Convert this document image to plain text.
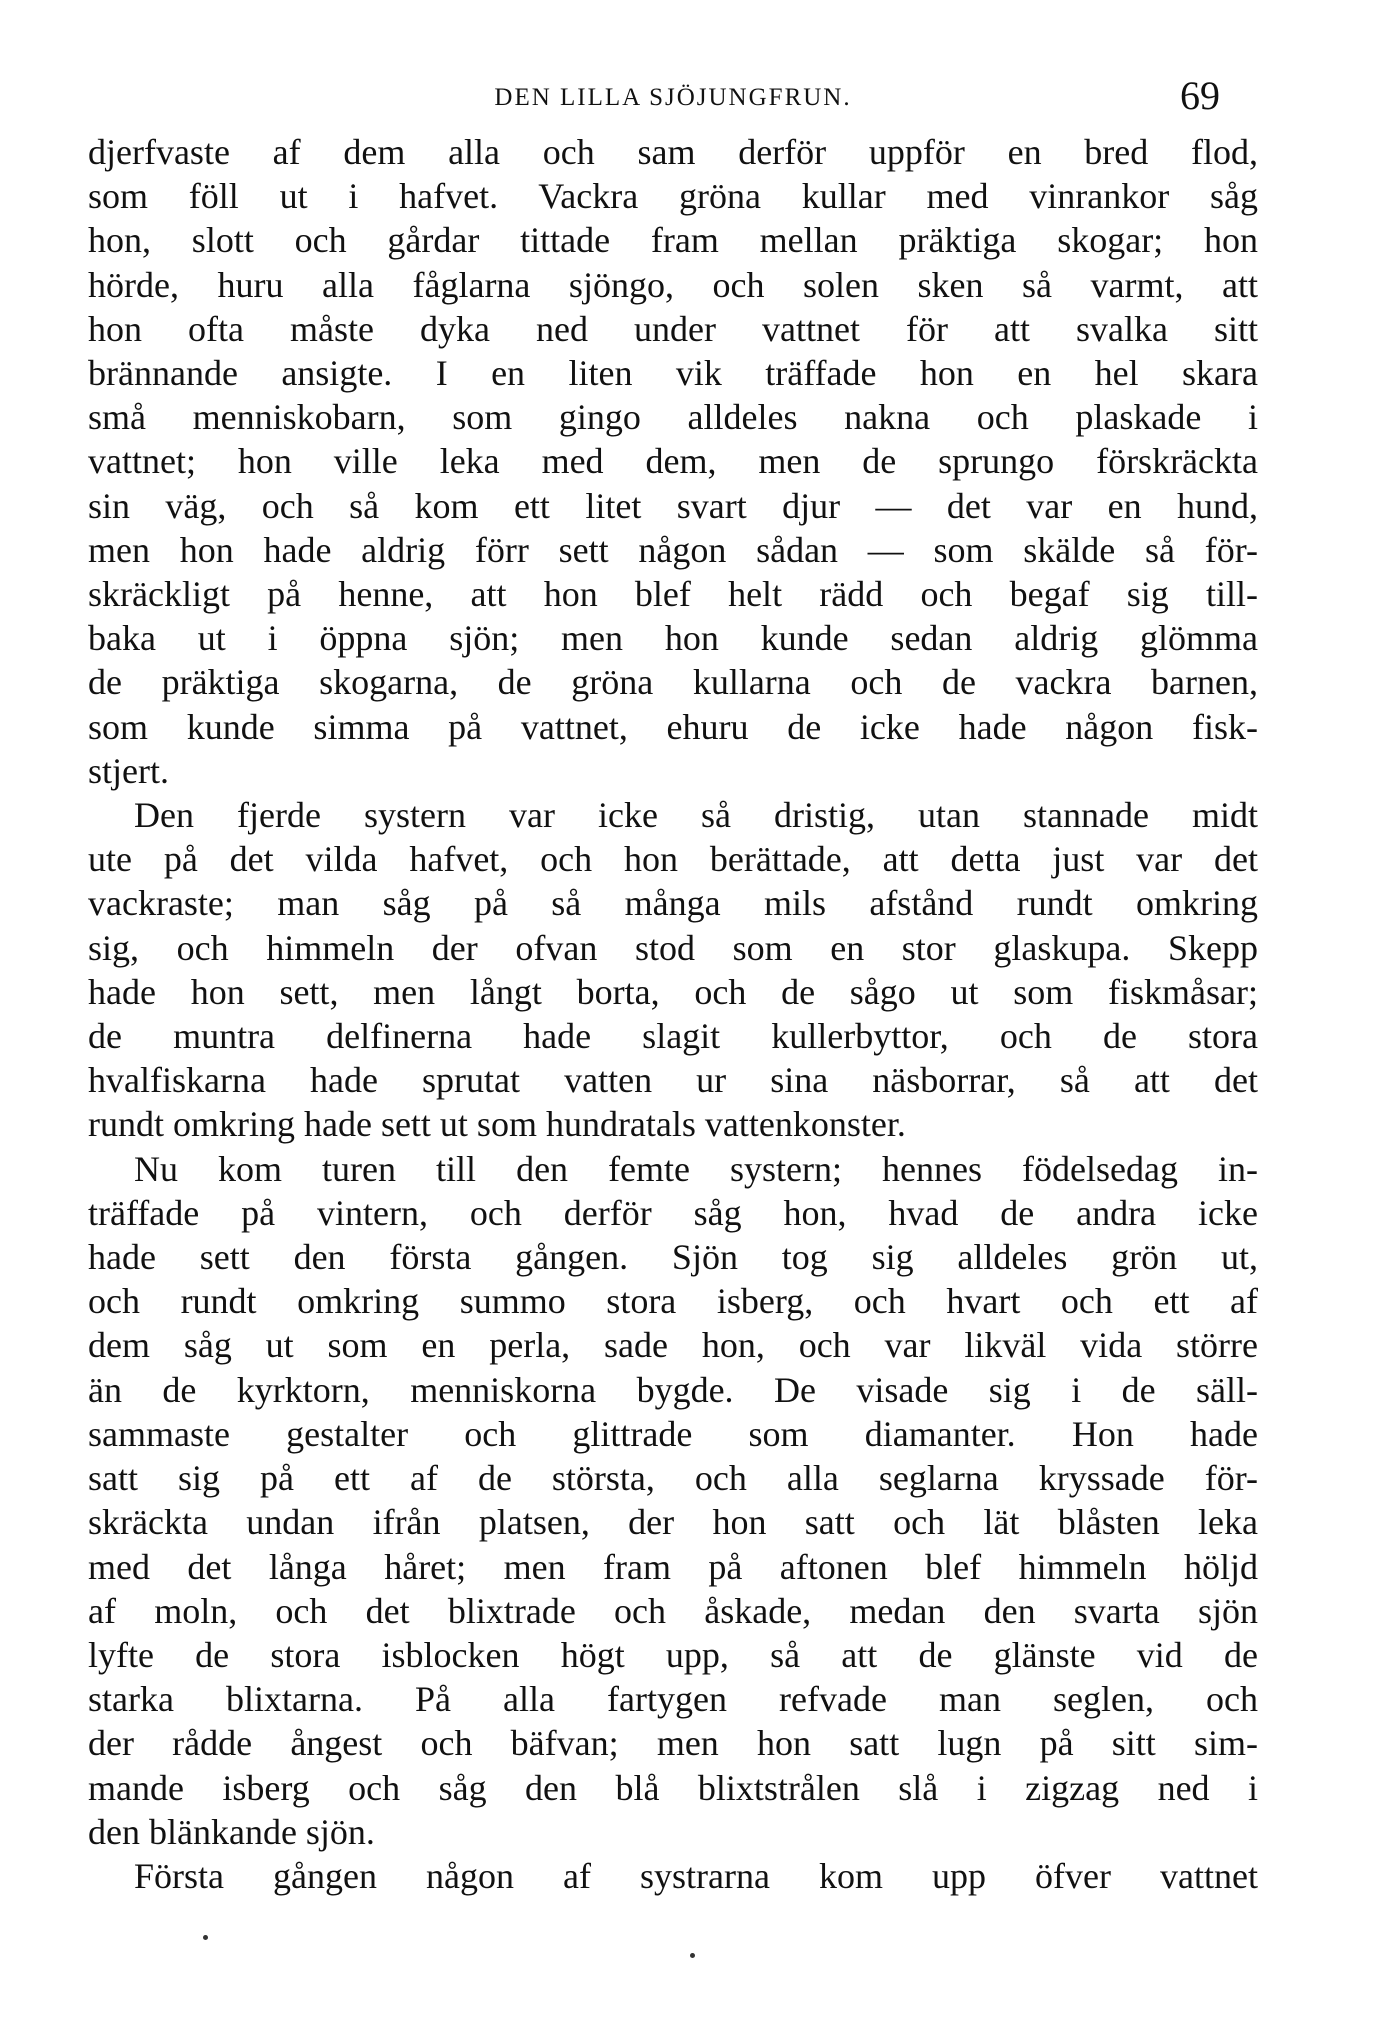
DEN LILLA SJÖJUNGFRUN.	69
djerfvaste af dem alla och sam derför uppför en bred flod,
som föll ut i hafvet. Vackra gröna kullar med vinrankor såg
hon, slott och gårdar tittade fram mellan präktiga skogar; hon
hörde, huru alla fåglarna sjöngo, och solen sken så varmt, att
hon ofta måste dyka ned under vattnet för att svalka sitt
brännande ansigte. I en liten vik träffade hon en hel skara
små menniskobarn, som gingo alldeles nakna och plaskade i
vattnet; hon ville leka med dem, men de sprungo förskräckta
sin väg, och så kom ett litet svart djur — det var en hund,
men hon hade aldrig förr sett någon sådan — som skälde så för-
skräckligt på henne, att hon blef helt rädd och begaf sig till-
baka ut i öppna sjön; men hon kunde sedan aldrig glömma
de präktiga skogarna, de gröna kullarna och de vackra barnen,
som kunde simma på vattnet, ehuru de icke hade någon fisk-
stjert.
Den fjerde systern var icke så dristig, utan stannade midt
ute på det vilda hafvet, och hon berättade, att detta just var det
vackraste; man såg på så många mils afstånd rundt omkring
sig, och himmeln der ofvan stod som en stor glaskupa. Skepp
hade hon sett, men långt borta, och de sågo ut som fiskmåsar;
de muntra delfinerna hade slagit kullerbyttor, och de stora
hvalfiskarna hade sprutat vatten ur sina näsborrar, så att det
rundt omkring hade sett ut som hundratals vattenkonster.
Nu kom turen till den femte systern; hennes födelsedag in-
träffade på vintern, och derför såg hon, hvad de andra icke
hade sett den första gången. Sjön tog sig alldeles grön ut,
och rundt omkring summo stora isberg, och hvart och ett af
dem såg ut som en perla, sade hon, och var likväl vida större
än de kyrktorn, menniskorna bygde. De visade sig i de säll-
sammaste gestalter och glittrade som diamanter. Hon hade
satt sig på ett af de största, och alla seglarna kryssade för-
skräckta undan ifrån platsen, der hon satt och lät blåsten leka
med det långa håret; men fram på aftonen blef himmeln höljd
af moln, och det blixtrade och åskade, medan den svarta sjön
lyfte de stora isblocken högt upp, så att de glänste vid de
starka blixtarna. På alla fartygen refvade man seglen, och
der rådde ångest och bäfvan; men hon satt lugn på sitt sim-
mande isberg och såg den blå blixtstrålen slå i zigzag ned i
den blänkande sjön.
Första gången någon af systrarna kom upp öfver vattnet
